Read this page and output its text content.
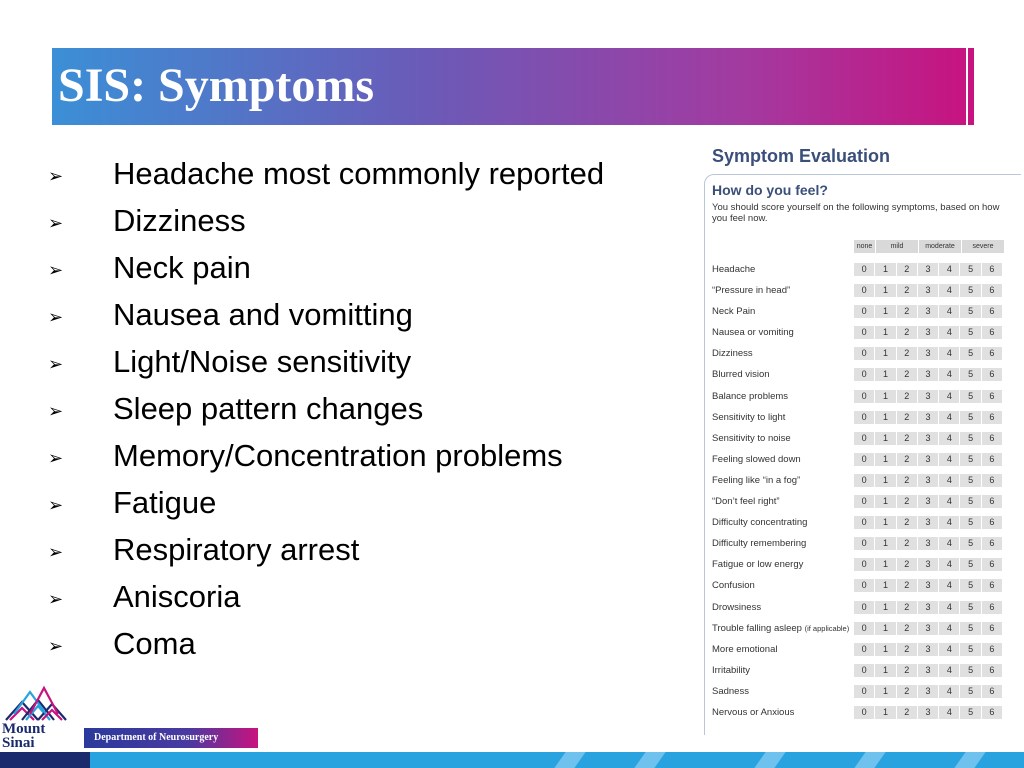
SIS: Symptoms
➢ Headache most commonly reported
➢ Dizziness
➢ Neck pain
➢ Nausea and vomitting
➢ Light/Noise sensitivity
➢ Sleep pattern changes
➢ Memory/Concentration problems
➢ Fatigue
➢ Respiratory arrest
➢ Aniscoria
➢ Coma
Symptom Evaluation
How do you feel?
You should score yourself on the following symptoms, based on how you feel now.
none	mild	moderate	severe
Headache	0	1	2	3	4	5	6
“Pressure in head”	0	1	2	3	4	5	6
Neck Pain	0	1	2	3	4	5	6
Nausea or vomiting	0	1	2	3	4	5	6
Dizziness	0	1	2	3	4	5	6
Blurred vision	0	1	2	3	4	5	6
Balance problems	0	1	2	3	4	5	6
Sensitivity to light	0	1	2	3	4	5	6
Sensitivity to noise	0	1	2	3	4	5	6
Feeling slowed down	0	1	2	3	4	5	6
Feeling like “in a fog”	0	1	2	3	4	5	6
“Don’t feel right”	0	1	2	3	4	5	6
Difficulty concentrating	0	1	2	3	4	5	6
Difficulty remembering	0	1	2	3	4	5	6
Fatigue or low energy	0	1	2	3	4	5	6
Confusion	0	1	2	3	4	5	6
Drowsiness	0	1	2	3	4	5	6
Trouble falling asleep (if applicable)	0	1	2	3	4	5	6
More emotional	0	1	2	3	4	5	6
Irritability	0	1	2	3	4	5	6
Sadness	0	1	2	3	4	5	6
Nervous or Anxious	0	1	2	3	4	5	6
Mount
Sinai	Department of Neurosurgery
